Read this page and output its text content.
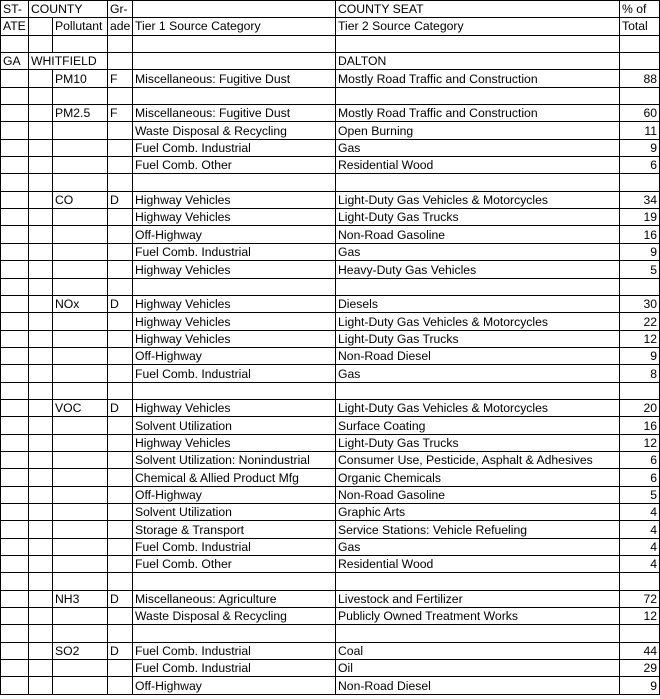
ST-	COUNTY		Gr-		COUNTY SEAT	% of
ATE		Pollutant	ade	Tier 1 Source Category	Tier 2 Source Category	Total

GA	WHITFIELD				DALTON	
		PM10	F	Miscellaneous: Fugitive Dust	Mostly Road Traffic and Construction	88

		PM2.5	F	Miscellaneous: Fugitive Dust	Mostly Road Traffic and Construction	60
				Waste Disposal & Recycling	Open Burning	11
				Fuel Comb. Industrial	Gas	9
				Fuel Comb. Other	Residential Wood	6

		CO	D	Highway Vehicles	Light-Duty Gas Vehicles & Motorcycles	34
				Highway Vehicles	Light-Duty Gas Trucks	19
				Off-Highway	Non-Road Gasoline	16
				Fuel Comb. Industrial	Gas	9
				Highway Vehicles	Heavy-Duty Gas Vehicles	5

		NOx	D	Highway Vehicles	Diesels	30
				Highway Vehicles	Light-Duty Gas Vehicles & Motorcycles	22
				Highway Vehicles	Light-Duty Gas Trucks	12
				Off-Highway	Non-Road Diesel	9
				Fuel Comb. Industrial	Gas	8

		VOC	D	Highway Vehicles	Light-Duty Gas Vehicles & Motorcycles	20
				Solvent Utilization	Surface Coating	16
				Highway Vehicles	Light-Duty Gas Trucks	12
				Solvent Utilization: Nonindustrial	Consumer Use, Pesticide, Asphalt & Adhesives	6
				Chemical & Allied Product Mfg	Organic Chemicals	6
				Off-Highway	Non-Road Gasoline	5
				Solvent Utilization	Graphic Arts	4
				Storage & Transport	Service Stations: Vehicle Refueling	4
				Fuel Comb. Industrial	Gas	4
				Fuel Comb. Other	Residential Wood	4

		NH3	D	Miscellaneous: Agriculture	Livestock and Fertilizer	72
				Waste Disposal & Recycling	Publicly Owned Treatment Works	12

		SO2	D	Fuel Comb. Industrial	Coal	44
				Fuel Comb. Industrial	Oil	29
				Off-Highway	Non-Road Diesel	9
